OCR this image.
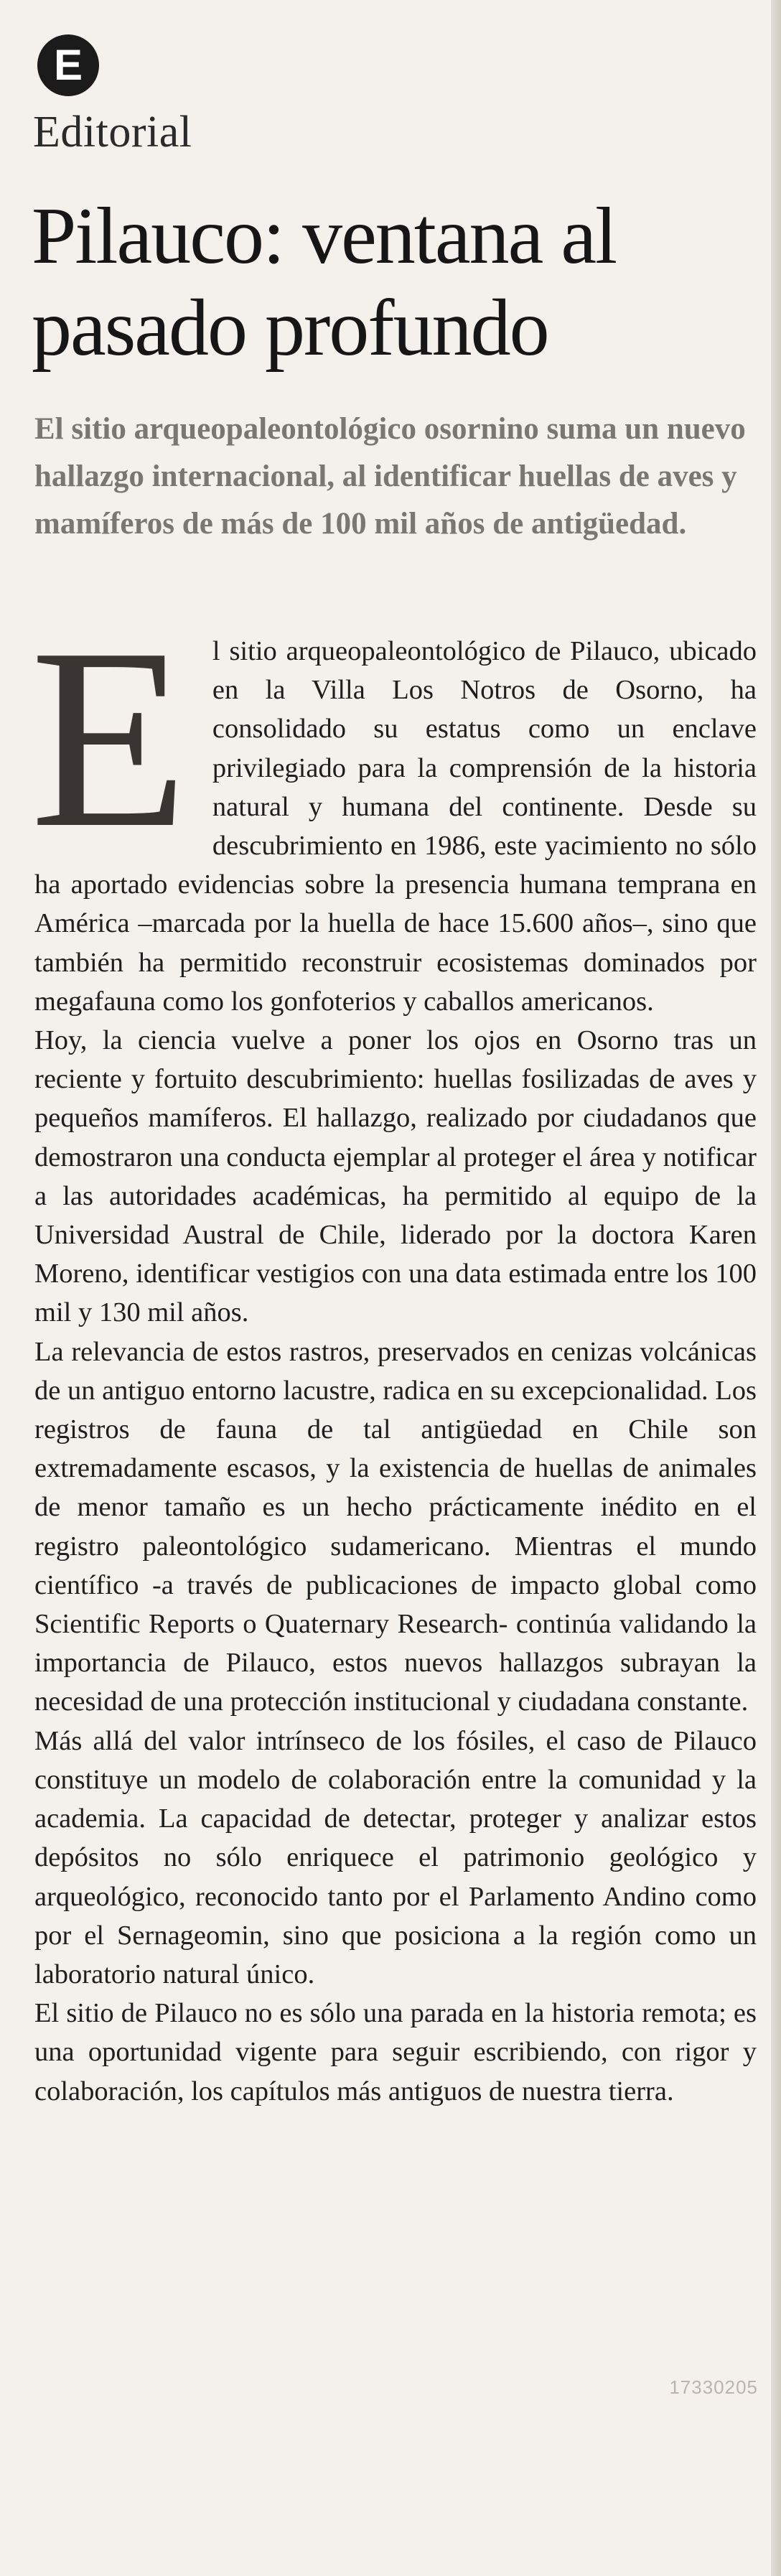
E
Editorial
Pilauco: ventana al pasado profundo

El sitio arqueopaleontológico osornino suma un nuevo hallazgo internacional, al identificar huellas de aves y mamíferos de más de 100 mil años de antigüedad.

El sitio arqueopaleontológico de Pilauco, ubicado en la Villa Los Notros de Osorno, ha consolidado su estatus como un enclave privilegiado para la comprensión de la historia natural y humana del continente. Desde su descubrimiento en 1986, este yacimiento no sólo ha aportado evidencias sobre la presencia humana temprana en América –marcada por la huella de hace 15.600 años–, sino que también ha permitido reconstruir ecosistemas dominados por megafauna como los gonfoterios y caballos americanos.

Hoy, la ciencia vuelve a poner los ojos en Osorno tras un reciente y fortuito descubrimiento: huellas fosilizadas de aves y pequeños mamíferos. El hallazgo, realizado por ciudadanos que demostraron una conducta ejemplar al proteger el área y notificar a las autoridades académicas, ha permitido al equipo de la Universidad Austral de Chile, liderado por la doctora Karen Moreno, identificar vestigios con una data estimada entre los 100 mil y 130 mil años.

La relevancia de estos rastros, preservados en cenizas volcánicas de un antiguo entorno lacustre, radica en su excepcionalidad. Los registros de fauna de tal antigüedad en Chile son extremadamente escasos, y la existencia de huellas de animales de menor tamaño es un hecho prácticamente inédito en el registro paleontológico sudamericano. Mientras el mundo científico -a través de publicaciones de impacto global como Scientific Reports o Quaternary Research- continúa validando la importancia de Pilauco, estos nuevos hallazgos subrayan la necesidad de una protección institucional y ciudadana constante.

Más allá del valor intrínseco de los fósiles, el caso de Pilauco constituye un modelo de colaboración entre la comunidad y la academia. La capacidad de detectar, proteger y analizar estos depósitos no sólo enriquece el patrimonio geológico y arqueológico, reconocido tanto por el Parlamento Andino como por el Sernageomin, sino que posiciona a la región como un laboratorio natural único.

El sitio de Pilauco no es sólo una parada en la historia remota; es una oportunidad vigente para seguir escribiendo, con rigor y colaboración, los capítulos más antiguos de nuestra tierra.

17330205
